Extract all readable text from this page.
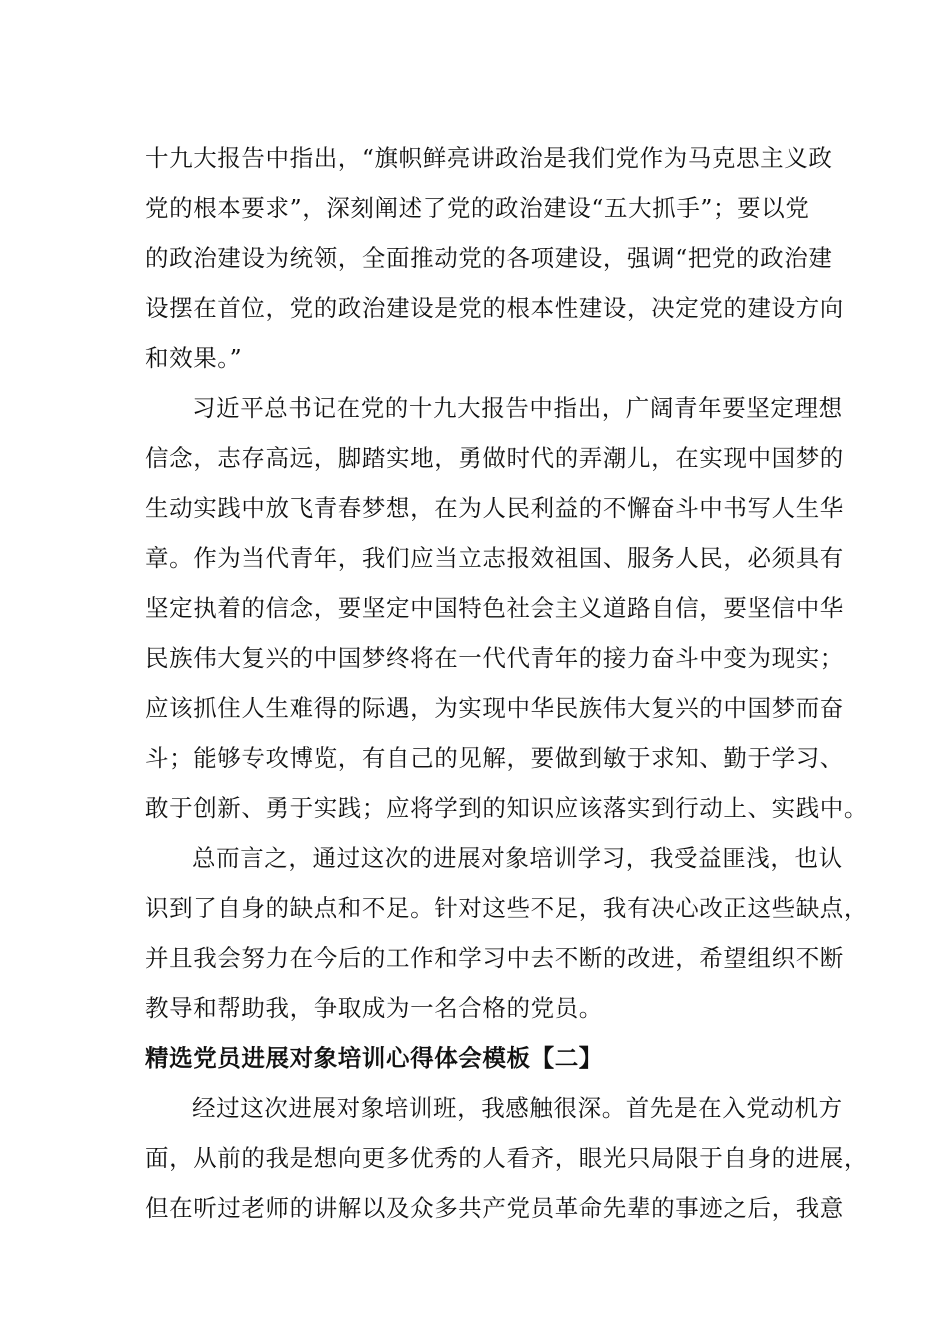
十九大报告中指出，“旗帜鲜亮讲政治是我们党作为马克思主义政
党的根本要求”，深刻阐述了党的政治建设“五大抓手”；要以党
的政治建设为统领，全面推动党的各项建设，强调“把党的政治建
设摆在首位，党的政治建设是党的根本性建设，决定党的建设方向
和效果。”

习近平总书记在党的十九大报告中指出，广阔青年要坚定理想
信念，志存高远，脚踏实地，勇做时代的弄潮儿，在实现中国梦的
生动实践中放飞青春梦想，在为人民利益的不懈奋斗中书写人生华
章。作为当代青年，我们应当立志报效祖国、服务人民，必须具有
坚定执着的信念，要坚定中国特色社会主义道路自信，要坚信中华
民族伟大复兴的中国梦终将在一代代青年的接力奋斗中变为现实；
应该抓住人生难得的际遇，为实现中华民族伟大复兴的中国梦而奋
斗；能够专攻博览，有自己的见解，要做到敏于求知、勤于学习、
敢于创新、勇于实践；应将学到的知识应该落实到行动上、实践中。

总而言之，通过这次的进展对象培训学习，我受益匪浅，也认
识到了自身的缺点和不足。针对这些不足，我有决心改正这些缺点，
并且我会努力在今后的工作和学习中去不断的改进，希望组织不断
教导和帮助我，争取成为一名合格的党员。

精选党员进展对象培训心得体会模板【二】

经过这次进展对象培训班，我感触很深。首先是在入党动机方
面，从前的我是想向更多优秀的人看齐，眼光只局限于自身的进展，
但在听过老师的讲解以及众多共产党员革命先辈的事迹之后，我意
